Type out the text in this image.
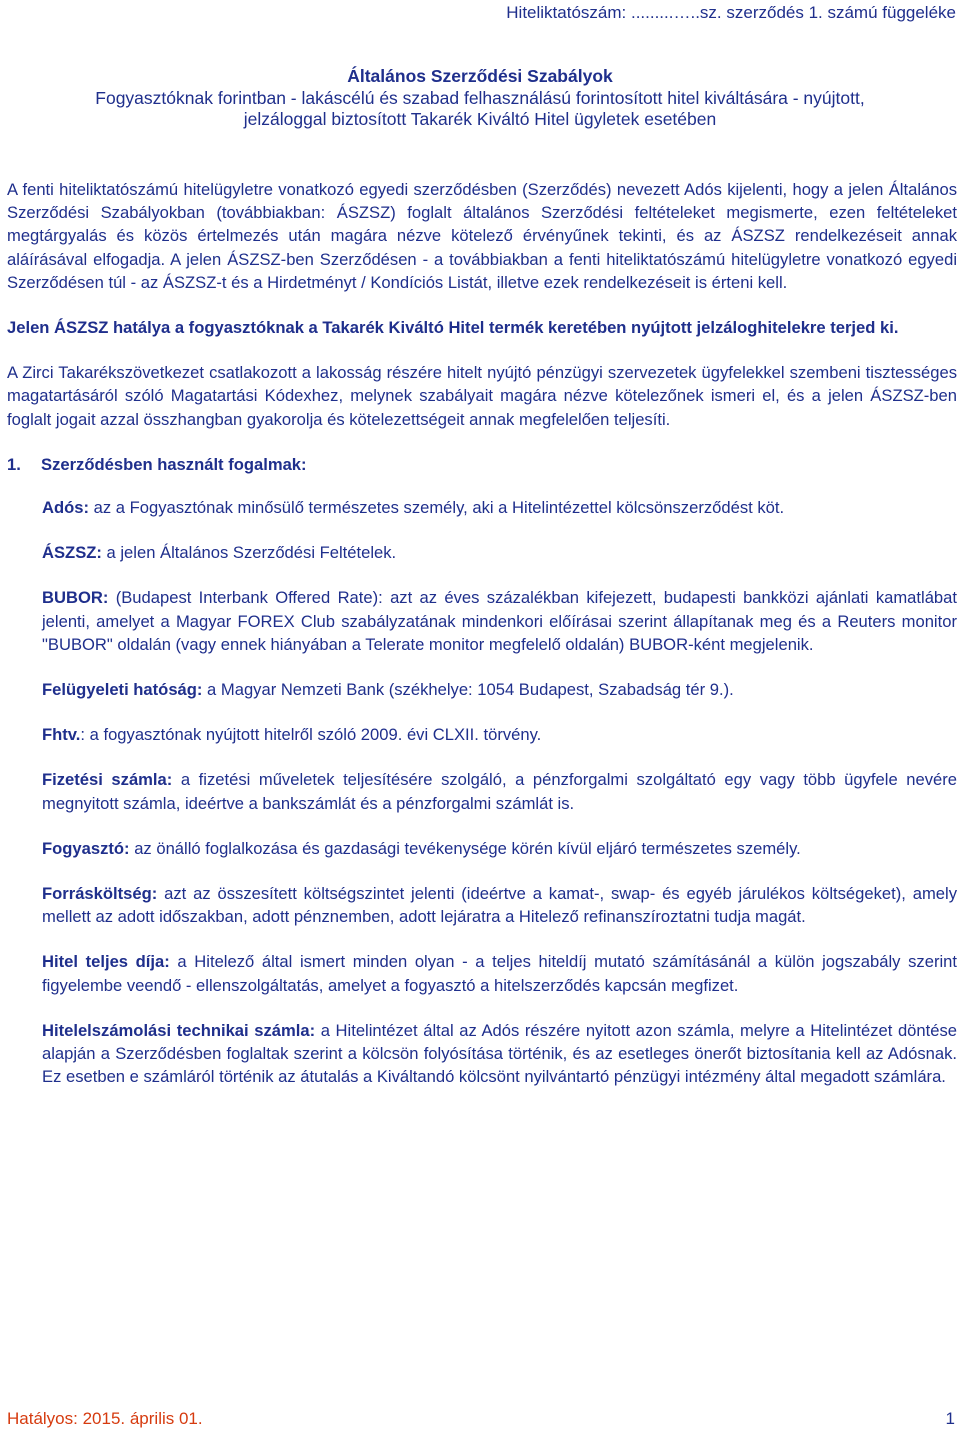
Hiteliktatószám: .........…..sz. szerződés 1. számú függeléke
Általános Szerződési Szabályok
Fogyasztóknak forintban - lakáscélú és szabad felhasználású forintosított hitel kiváltására - nyújtott,
jelzáloggal biztosított Takarék Kiváltó Hitel ügyletek esetében

A fenti hiteliktatószámú hitelügyletre vonatkozó egyedi szerződésben (Szerződés) nevezett Adós kijelenti, hogy a jelen Általános Szerződési Szabályokban (továbbiakban: ÁSZSZ) foglalt általános Szerződési feltételeket megismerte, ezen feltételeket megtárgyalás és közös értelmezés után magára nézve kötelező érvényűnek tekinti, és az ÁSZSZ rendelkezéseit annak aláírásával elfogadja. A jelen ÁSZSZ-ben Szerződésen - a továbbiakban a fenti hiteliktatószámú hitelügyletre vonatkozó egyedi Szerződésen túl - az ÁSZSZ-t és a Hirdetményt / Kondíciós Listát, illetve ezek rendelkezéseit is érteni kell.

Jelen ÁSZSZ hatálya a fogyasztóknak a Takarék Kiváltó Hitel termék keretében nyújtott jelzáloghitelekre terjed ki.

A Zirci Takarékszövetkezet csatlakozott a lakosság részére hitelt nyújtó pénzügyi szervezetek ügyfelekkel szembeni tisztességes magatartásáról szóló Magatartási Kódexhez, melynek szabályait magára nézve kötelezőnek ismeri el, és a jelen ÁSZSZ-ben foglalt jogait azzal összhangban gyakorolja és kötelezettségeit annak megfelelően teljesíti.

1. Szerződésben használt fogalmak:

Adós: az a Fogyasztónak minősülő természetes személy, aki a Hitelintézettel kölcsönszerződést köt.

ÁSZSZ: a jelen Általános Szerződési Feltételek.

BUBOR: (Budapest Interbank Offered Rate): azt az éves százalékban kifejezett, budapesti bankközi ajánlati kamatlábat jelenti, amelyet a Magyar FOREX Club szabályzatának mindenkori előírásai szerint állapítanak meg és a Reuters monitor "BUBOR" oldalán (vagy ennek hiányában a Telerate monitor megfelelő oldalán) BUBOR-ként megjelenik.

Felügyeleti hatóság: a Magyar Nemzeti Bank (székhelye: 1054 Budapest, Szabadság tér 9.).

Fhtv.: a fogyasztónak nyújtott hitelről szóló 2009. évi CLXII. törvény.

Fizetési számla: a fizetési műveletek teljesítésére szolgáló, a pénzforgalmi szolgáltató egy vagy több ügyfele nevére megnyitott számla, ideértve a bankszámlát és a pénzforgalmi számlát is.

Fogyasztó: az önálló foglalkozása és gazdasági tevékenysége körén kívül eljáró természetes személy.

Forrásköltség: azt az összesített költségszintet jelenti (ideértve a kamat-, swap- és egyéb járulékos költségeket), amely mellett az adott időszakban, adott pénznemben, adott lejáratra a Hitelező refinanszíroztatni tudja magát.

Hitel teljes díja: a Hitelező által ismert minden olyan - a teljes hiteldíj mutató számításánál a külön jogszabály szerint figyelembe veendő - ellenszolgáltatás, amelyet a fogyasztó a hitelszerződés kapcsán megfizet.

Hitelelszámolási technikai számla: a Hitelintézet által az Adós részére nyitott azon számla, melyre a Hitelintézet döntése alapján a Szerződésben foglaltak szerint a kölcsön folyósítása történik, és az esetleges önerőt biztosítania kell az Adósnak. Ez esetben e számláról történik az átutalás a Kiváltandó kölcsönt nyilvántartó pénzügyi intézmény által megadott számlára.

Hatályos: 2015. április 01.	1
